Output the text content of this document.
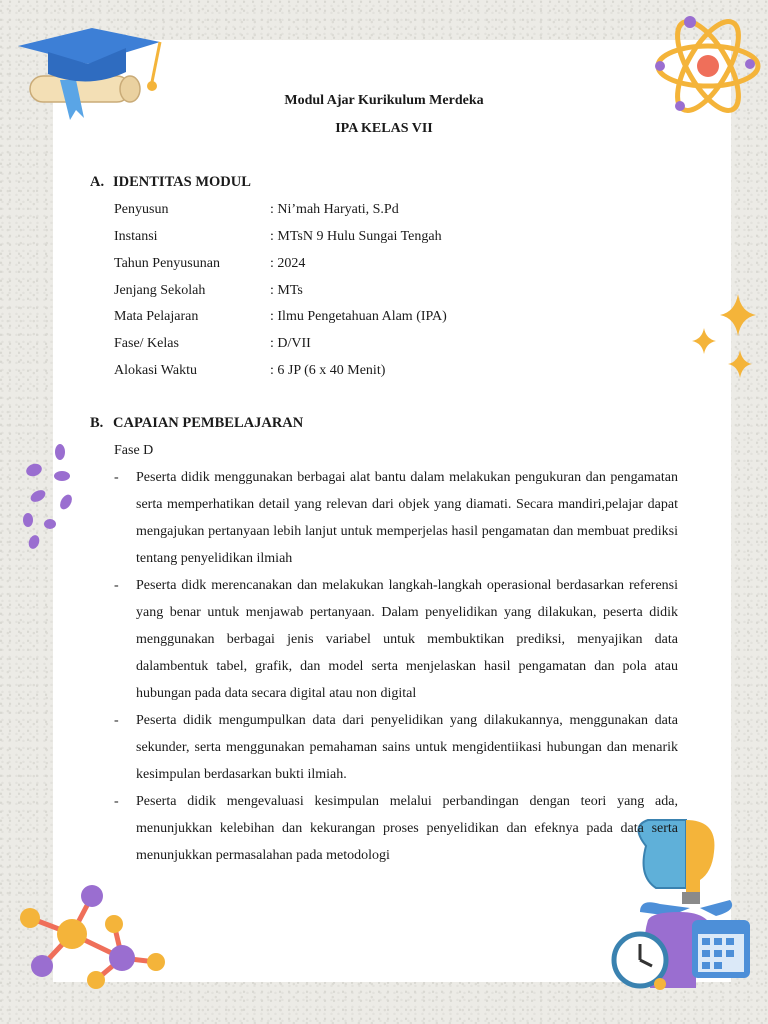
Modul Ajar Kurikulum Merdeka
IPA KELAS VII
A. IDENTITAS MODUL
Penyusun	: Ni’mah Haryati, S.Pd
Instansi	: MTsN 9 Hulu Sungai Tengah
Tahun Penyusunan	: 2024
Jenjang Sekolah	: MTs
Mata Pelajaran	: Ilmu Pengetahuan Alam (IPA)
Fase/ Kelas	: D/VII
Alokasi Waktu	: 6 JP (6 x 40 Menit)
B. CAPAIAN PEMBELAJARAN
Fase D
- Peserta didik menggunakan berbagai alat bantu dalam melakukan pengukuran dan pengamatan serta memperhatikan detail yang relevan dari objek yang diamati. Secara mandiri,pelajar dapat mengajukan pertanyaan lebih lanjut untuk memperjelas hasil pengamatan dan membuat prediksi tentang penyelidikan ilmiah
- Peserta didk merencanakan dan melakukan langkah-langkah operasional berdasarkan referensi yang benar untuk menjawab pertanyaan. Dalam penyelidikan yang dilakukan, peserta didik menggunakan berbagai jenis variabel untuk membuktikan prediksi, menyajikan data dalambentuk tabel, grafik, dan model serta menjelaskan hasil pengamatan dan pola atau hubungan pada data secara digital atau non digital
- Peserta didik mengumpulkan data dari penyelidikan yang dilakukannya, menggunakan data sekunder, serta menggunakan pemahaman sains untuk mengidentiikasi hubungan dan menarik kesimpulan berdasarkan bukti ilmiah.
- Peserta didik mengevaluasi kesimpulan melalui perbandingan dengan teori yang ada, menunjukkan kelebihan dan kekurangan proses penyelidikan dan efeknya pada data serta menunjukkan permasalahan pada metodologi
